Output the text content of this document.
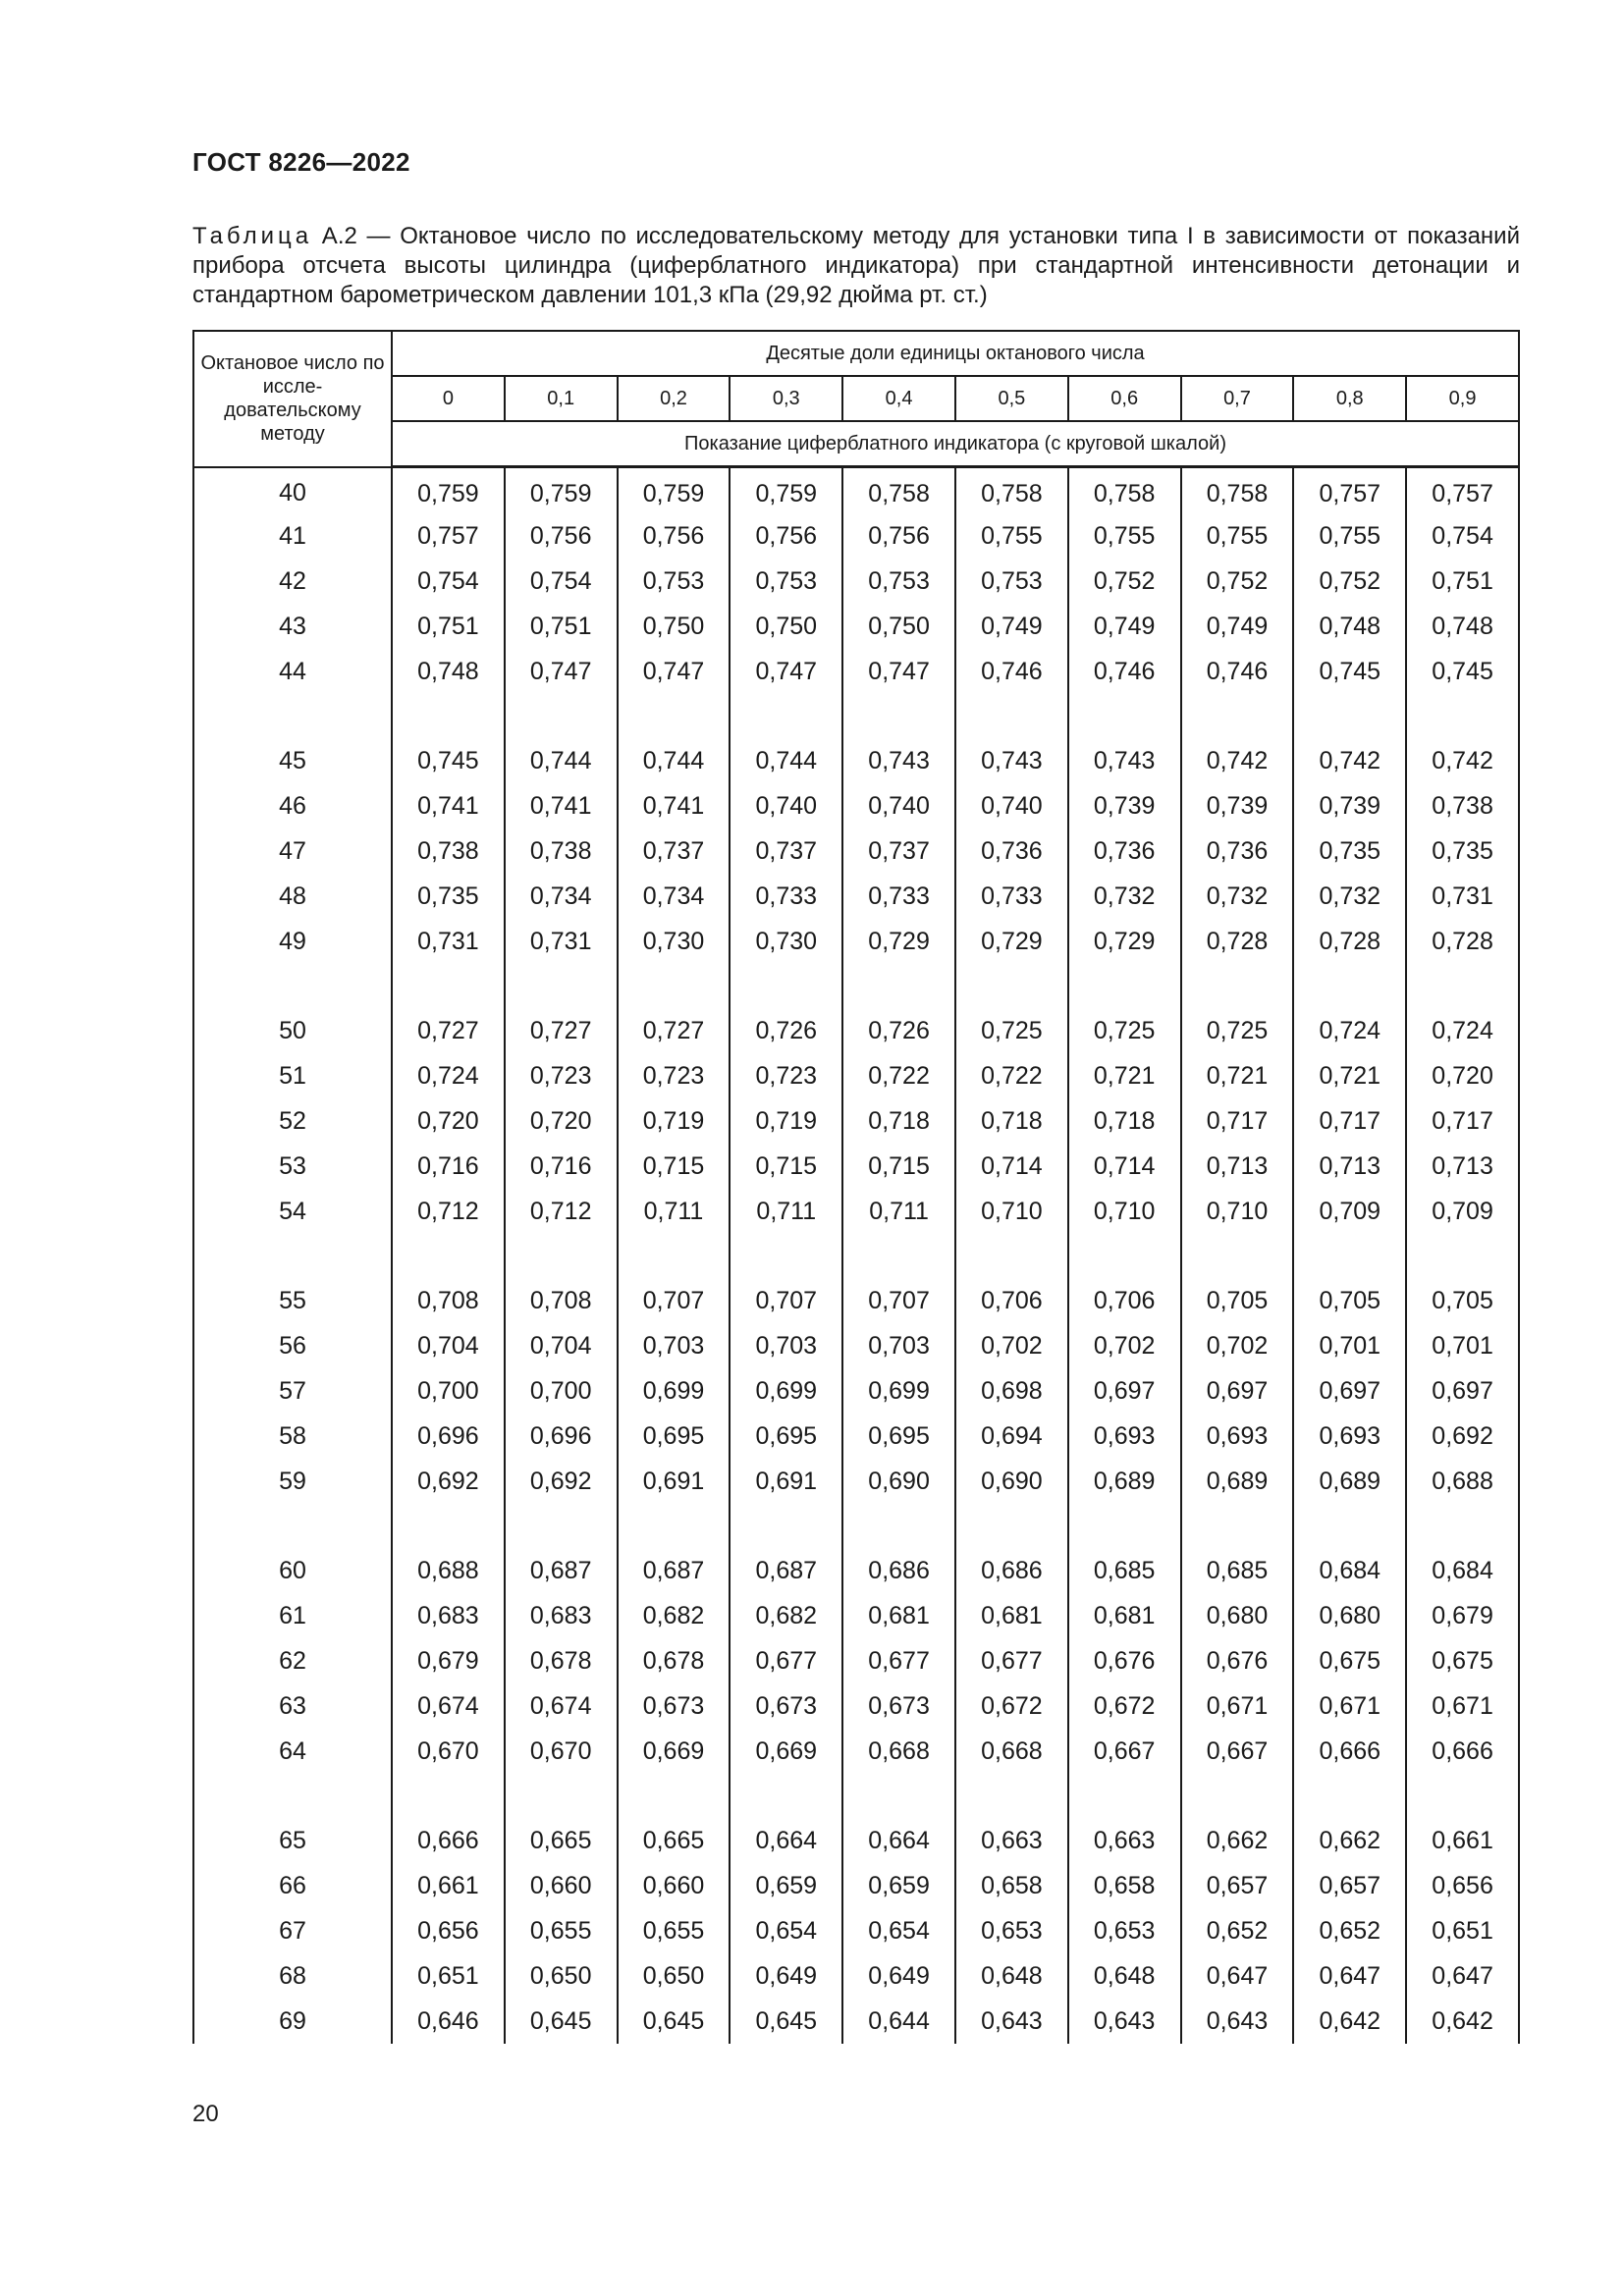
ГОСТ 8226—2022
Таблица А.2 — Октановое число по исследовательскому методу для установки типа I в зависимости от показаний прибора отсчета высоты цилиндра (циферблатного индикатора) при стандартной интенсивности детонации и стандартном барометрическом давлении 101,3 кПа (29,92 дюйма рт. ст.)
Октановое число по иссле-довательскому методу	Десятые доли единицы октанового числа									
	0	0,1	0,2	0,3	0,4	0,5	0,6	0,7	0,8	0,9
	Показание циферблатного индикатора (с круговой шкалой)									
40	0,759	0,759	0,759	0,759	0,758	0,758	0,758	0,758	0,757	0,757
41	0,757	0,756	0,756	0,756	0,756	0,755	0,755	0,755	0,755	0,754
42	0,754	0,754	0,753	0,753	0,753	0,753	0,752	0,752	0,752	0,751
43	0,751	0,751	0,750	0,750	0,750	0,749	0,749	0,749	0,748	0,748
44	0,748	0,747	0,747	0,747	0,747	0,746	0,746	0,746	0,745	0,745

45	0,745	0,744	0,744	0,744	0,743	0,743	0,743	0,742	0,742	0,742
46	0,741	0,741	0,741	0,740	0,740	0,740	0,739	0,739	0,739	0,738
47	0,738	0,738	0,737	0,737	0,737	0,736	0,736	0,736	0,735	0,735
48	0,735	0,734	0,734	0,733	0,733	0,733	0,732	0,732	0,732	0,731
49	0,731	0,731	0,730	0,730	0,729	0,729	0,729	0,728	0,728	0,728

50	0,727	0,727	0,727	0,726	0,726	0,725	0,725	0,725	0,724	0,724
51	0,724	0,723	0,723	0,723	0,722	0,722	0,721	0,721	0,721	0,720
52	0,720	0,720	0,719	0,719	0,718	0,718	0,718	0,717	0,717	0,717
53	0,716	0,716	0,715	0,715	0,715	0,714	0,714	0,713	0,713	0,713
54	0,712	0,712	0,711	0,711	0,711	0,710	0,710	0,710	0,709	0,709

55	0,708	0,708	0,707	0,707	0,707	0,706	0,706	0,705	0,705	0,705
56	0,704	0,704	0,703	0,703	0,703	0,702	0,702	0,702	0,701	0,701
57	0,700	0,700	0,699	0,699	0,699	0,698	0,697	0,697	0,697	0,697
58	0,696	0,696	0,695	0,695	0,695	0,694	0,693	0,693	0,693	0,692
59	0,692	0,692	0,691	0,691	0,690	0,690	0,689	0,689	0,689	0,688

60	0,688	0,687	0,687	0,687	0,686	0,686	0,685	0,685	0,684	0,684
61	0,683	0,683	0,682	0,682	0,681	0,681	0,681	0,680	0,680	0,679
62	0,679	0,678	0,678	0,677	0,677	0,677	0,676	0,676	0,675	0,675
63	0,674	0,674	0,673	0,673	0,673	0,672	0,672	0,671	0,671	0,671
64	0,670	0,670	0,669	0,669	0,668	0,668	0,667	0,667	0,666	0,666

65	0,666	0,665	0,665	0,664	0,664	0,663	0,663	0,662	0,662	0,661
66	0,661	0,660	0,660	0,659	0,659	0,658	0,658	0,657	0,657	0,656
67	0,656	0,655	0,655	0,654	0,654	0,653	0,653	0,652	0,652	0,651
68	0,651	0,650	0,650	0,649	0,649	0,648	0,648	0,647	0,647	0,647
69	0,646	0,645	0,645	0,645	0,644	0,643	0,643	0,643	0,642	0,642
20
